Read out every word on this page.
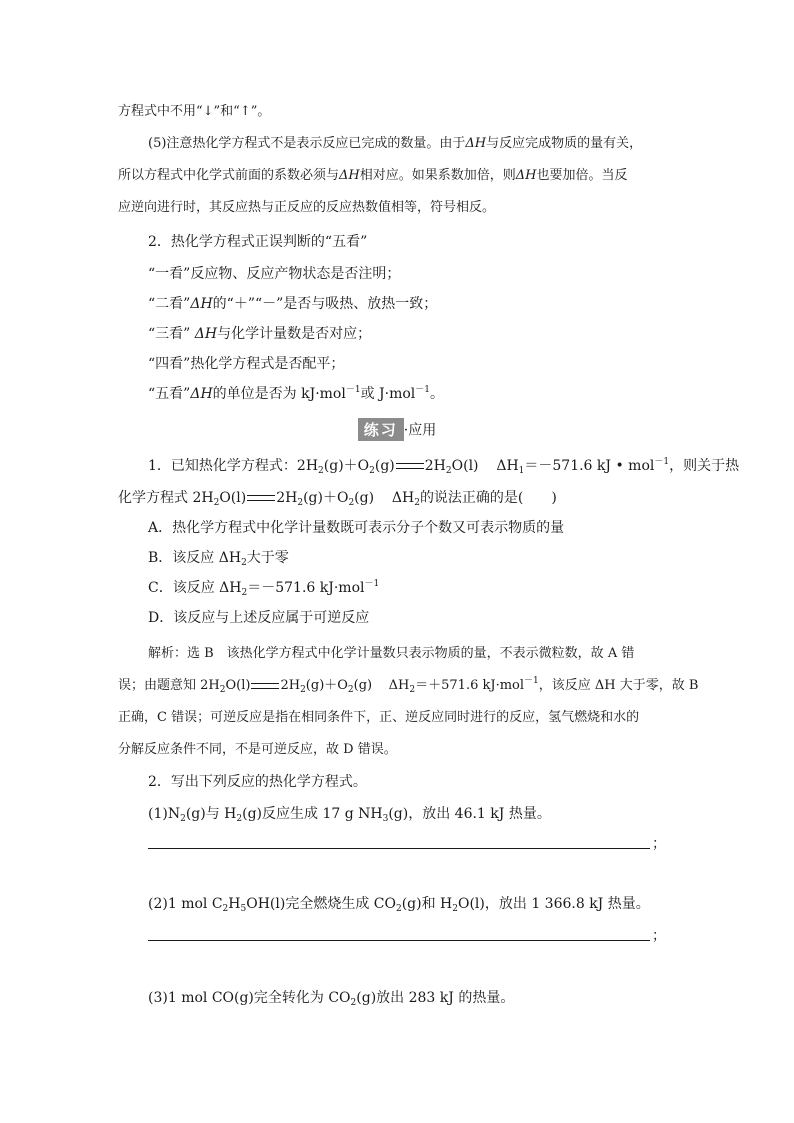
方程式中不用“↓”和“↑”。
(5)注意热化学方程式不是表示反应已完成的数量。由于ΔH与反应完成物质的量有关，
所以方程式中化学式前面的系数必须与ΔH相对应。如果系数加倍，则ΔH也要加倍。当反
应逆向进行时，其反应热与正反应的反应热数值相等，符号相反。
2．热化学方程式正误判断的“五看”
“一看”反应物、反应产物状态是否注明；
“二看”ΔH的“＋”“－”是否与吸热、放热一致；
“三看” ΔH与化学计量数是否对应；
“四看”热化学方程式是否配平；
“五看”ΔH的单位是否为 kJ·mol$^{-1}$或 J·mol$^{-1}$。
练习 ·应用
1．已知热化学方程式：$2H_2(g)+O_2(g)$ $2H_2O(l)$ $\Delta H_1=-571.6$ kJ • mol$^{-1}$，则关于热
化学方程式 $2H_2O(l)$ $2H_2(g)+O_2(g)$ $\Delta H_2$的说法正确的是(　　)
A．热化学方程式中化学计量数既可表示分子个数又可表示物质的量
B．该反应 $\Delta H_2$大于零
C．该反应 $\Delta H_2=-571.6$ kJ·mol$^{-1}$
D．该反应与上述反应属于可逆反应
解析：选 B　该热化学方程式中化学计量数只表示物质的量，不表示微粒数，故 A 错
误；由题意知 $2H_2O(l)$ $2H_2(g)+O_2(g)$ $\Delta H_2=+571.6$ kJ·mol$^{-1}$，该反应 ΔH 大于零，故 B
正确，C 错误；可逆反应是指在相同条件下，正、逆反应同时进行的反应，氢气燃烧和水的
分解反应条件不同，不是可逆反应，故 D 错误。
2．写出下列反应的热化学方程式。
$(1)N_2(g)$与 $H_2(g)$反应生成 17 g $NH_3(g)$，放出 46.1 kJ 热量。
；
(2)1 mol $C_2H_5OH(l)$完全燃烧生成 $CO_2(g)$和 $H_2O(l)$，放出 1 366.8 kJ 热量。
；
(3)1 mol CO(g)完全转化为 $CO_2(g)$放出 283 kJ 的热量。
